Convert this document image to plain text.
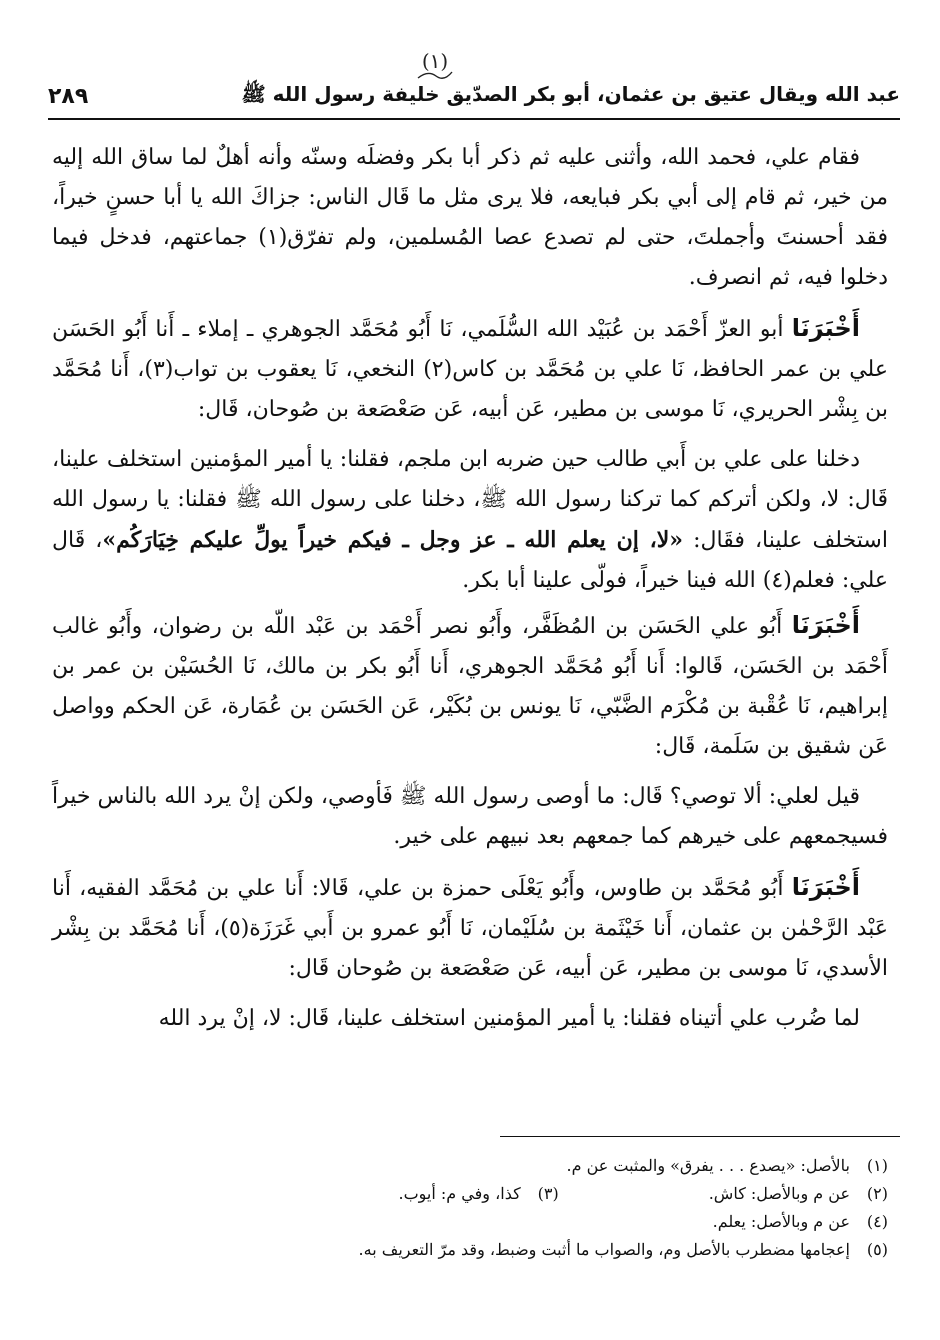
(١)
عبد الله ويقال عتيق بن عثمان، أبو بكر الصدّيق خليفة رسول الله ﷺ
٢٨٩

فقام علي، فحمد الله، وأثنى عليه ثم ذكر أبا بكر وفضلَه وسنّه وأنه أهلٌ لما ساق الله إليه من خير، ثم قام إلى أبي بكر فبايعه، فلا يرى مثل ما قَال الناس: جزاكَ الله يا أبا حسنٍ خيراً، فقد أحسنتَ وأجملتَ، حتى لم تصدع عصا المُسلمين، ولم تفرّق(١) جماعتهم، فدخل فيما دخلوا فيه، ثم انصرف.

أَخْبَرَنَا أبو العزّ أَحْمَد بن عُبَيْد الله السُّلَمي، نَا أَبُو مُحَمَّد الجوهري ـ إملاء ـ أَنا أَبُو الحَسَن علي بن عمر الحافظ، نَا علي بن مُحَمَّد بن كاس(٢) النخعي، نَا يعقوب بن تواب(٣)، أَنا مُحَمَّد بن بِشْر الحريري، نَا موسى بن مطير، عَن أبيه، عَن صَعْصَعة بن صُوحان، قَال:

دخلنا على علي بن أَبي طالب حين ضربه ابن ملجم، فقلنا: يا أمير المؤمنين استخلف علينا، قَال: لا، ولكن أتركم كما تركنا رسول الله ﷺ، دخلنا على رسول الله ﷺ فقلنا: يا رسول الله استخلف علينا، فقَال: «لا، إن يعلم الله ـ عز وجل ـ فيكم خيراً يولِّ عليكم خِيَارَكُم»، قَال علي: فعلم(٤) الله فينا خيراً، فولّى علينا أبا بكر.

أَخْبَرَنَا أَبُو علي الحَسَن بن المُظَفَّر، وأَبُو نصر أَحْمَد بن عَبْد اللّه بن رضوان، وأَبُو غالب أَحْمَد بن الحَسَن، قَالوا: أَنا أَبُو مُحَمَّد الجوهري، أَنا أَبُو بكر بن مالك، نَا الحُسَيْن بن عمر بن إبراهيم، نَا عُقْبة بن مُكْرَم الضَّبّي، نَا يونس بن بُكَيْر، عَن الحَسَن بن عُمَارة، عَن الحكم وواصل عَن شقيق بن سَلَمة، قَال:

قيل لعلي: ألا توصي؟ قَال: ما أوصى رسول الله ﷺ فَأوصي، ولكن إنْ يرد الله بالناس خيراً فسيجمعهم على خيرهم كما جمعهم بعد نبيهم على خير.

أَخْبَرَنَا أَبُو مُحَمَّد بن طاوس، وأَبُو يَعْلَى حمزة بن علي، قَالا: أَنا علي بن مُحَمَّد الفقيه، أَنا عَبْد الرَّحْمٰن بن عثمان، أَنا خَيْثَمة بن سُلَيْمان، نَا أَبُو عمرو بن أَبي غَرَزَة(٥)، أَنا مُحَمَّد بن بِشْر الأسدي، نَا موسى بن مطير، عَن أبيه، عَن صَعْصَعة بن صُوحان قَال:

لما ضُرب علي أتيناه فقلنا: يا أمير المؤمنين استخلف علينا، قَال: لا، إنْ يرد الله

(١)
بالأصل: «يصدع . . . يفرق» والمثبت عن م.
(٢)
عن م وبالأصل: كاش.
(٣)
كذا، وفي م: أيوب.
(٤)
عن م وبالأصل: يعلم.
(٥)
إعجامها مضطرب بالأصل وم، والصواب ما أثبت وضبط، وقد مرّ التعريف به.
